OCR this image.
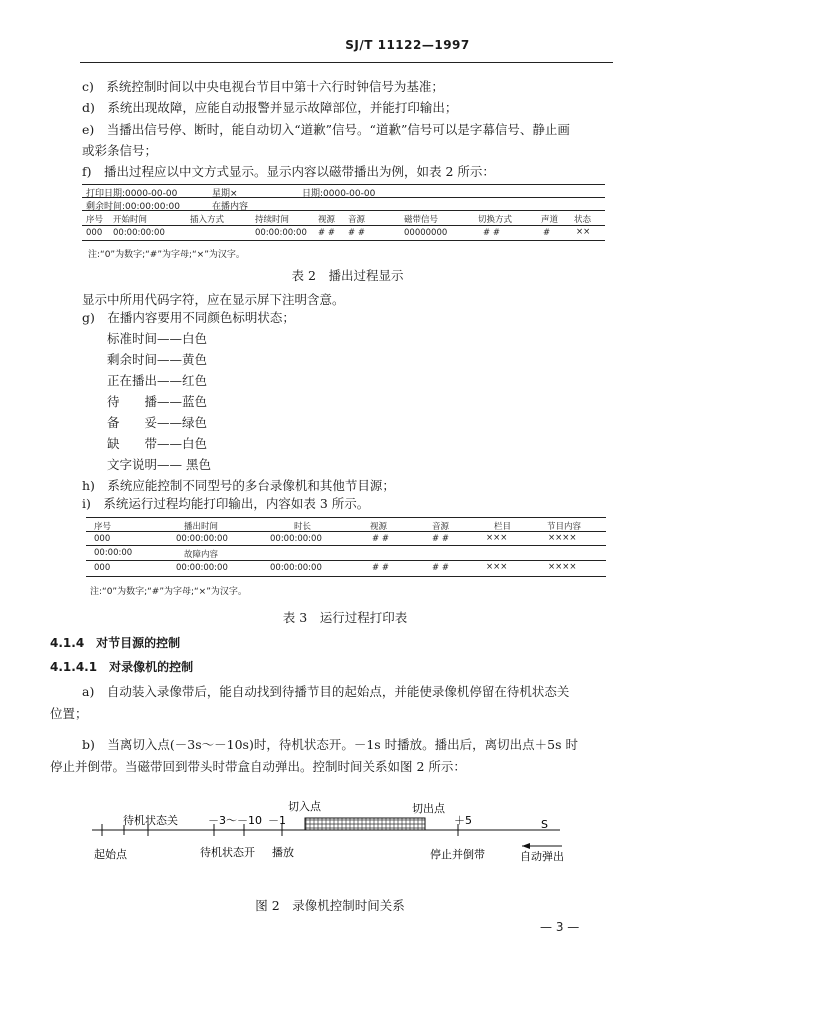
SJ/T 11122—1997
c)　系统控制时间以中央电视台节目中第十六行时钟信号为基准；
d)　系统出现故障，应能自动报警并显示故障部位，并能打印输出；
e)　当播出信号停、断时，能自动切入“道歉”信号。“道歉”信号可以是字幕信号、静止画
或彩条信号；
f)　播出过程应以中文方式显示。显示内容以磁带播出为例，如表 2 所示：
打印日期:0000-00-00	星期×	日期:0000-00-00
剩余时间:00:00:00:00	在播内容
序号 开始时间	插入方式	持续时间	视源 音源	磁带信号	切换方式	声道 状态
000 00:00:00:00	00:00:00:00 # # # #	00000000	# #	#	××
注:“0”为数字;“#”为字母;“×”为汉字。
表 2　播出过程显示
显示中所用代码字符，应在显示屏下注明含意。
g)　在播内容要用不同颜色标明状态；
标准时间——白色
剩余时间——黄色
正在播出——红色
待　　播——蓝色
备　　妥——绿色
缺　　带——白色
文字说明—— 黑色
h)　系统应能控制不同型号的多台录像机和其他节目源；
i)　系统运行过程均能打印输出，内容如表 3 所示。
序号	播出时间	时长	视源	音源	栏目	节目内容
000	00:00:00:00	00:00:00:00	# #	# #	×××	××××
00:00:00	故障内容
000	00:00:00:00	00:00:00:00	# #	# #	×××	××××
注:“0”为数字;“#”为字母;“×”为汉字。
表 3　运行过程打印表
4.1.4　对节目源的控制
4.1.4.1　对录像机的控制
a)　自动装入录像带后，能自动找到待播节目的起始点，并能使录像机停留在待机状态关
位置；
b)　当离切入点(－3s～－10s)时，待机状态开。－1s 时播放。播出后，离切出点＋5s 时
停止并倒带。当磁带回到带头时带盒自动弹出。控制时间关系如图 2 所示：
待机状态关	－3～－10 －1
切入点	切出点
＋5	S
起始点	待机状态开 播放	停止并倒带	自动弹出
图 2　录像机控制时间关系
— 3 —
